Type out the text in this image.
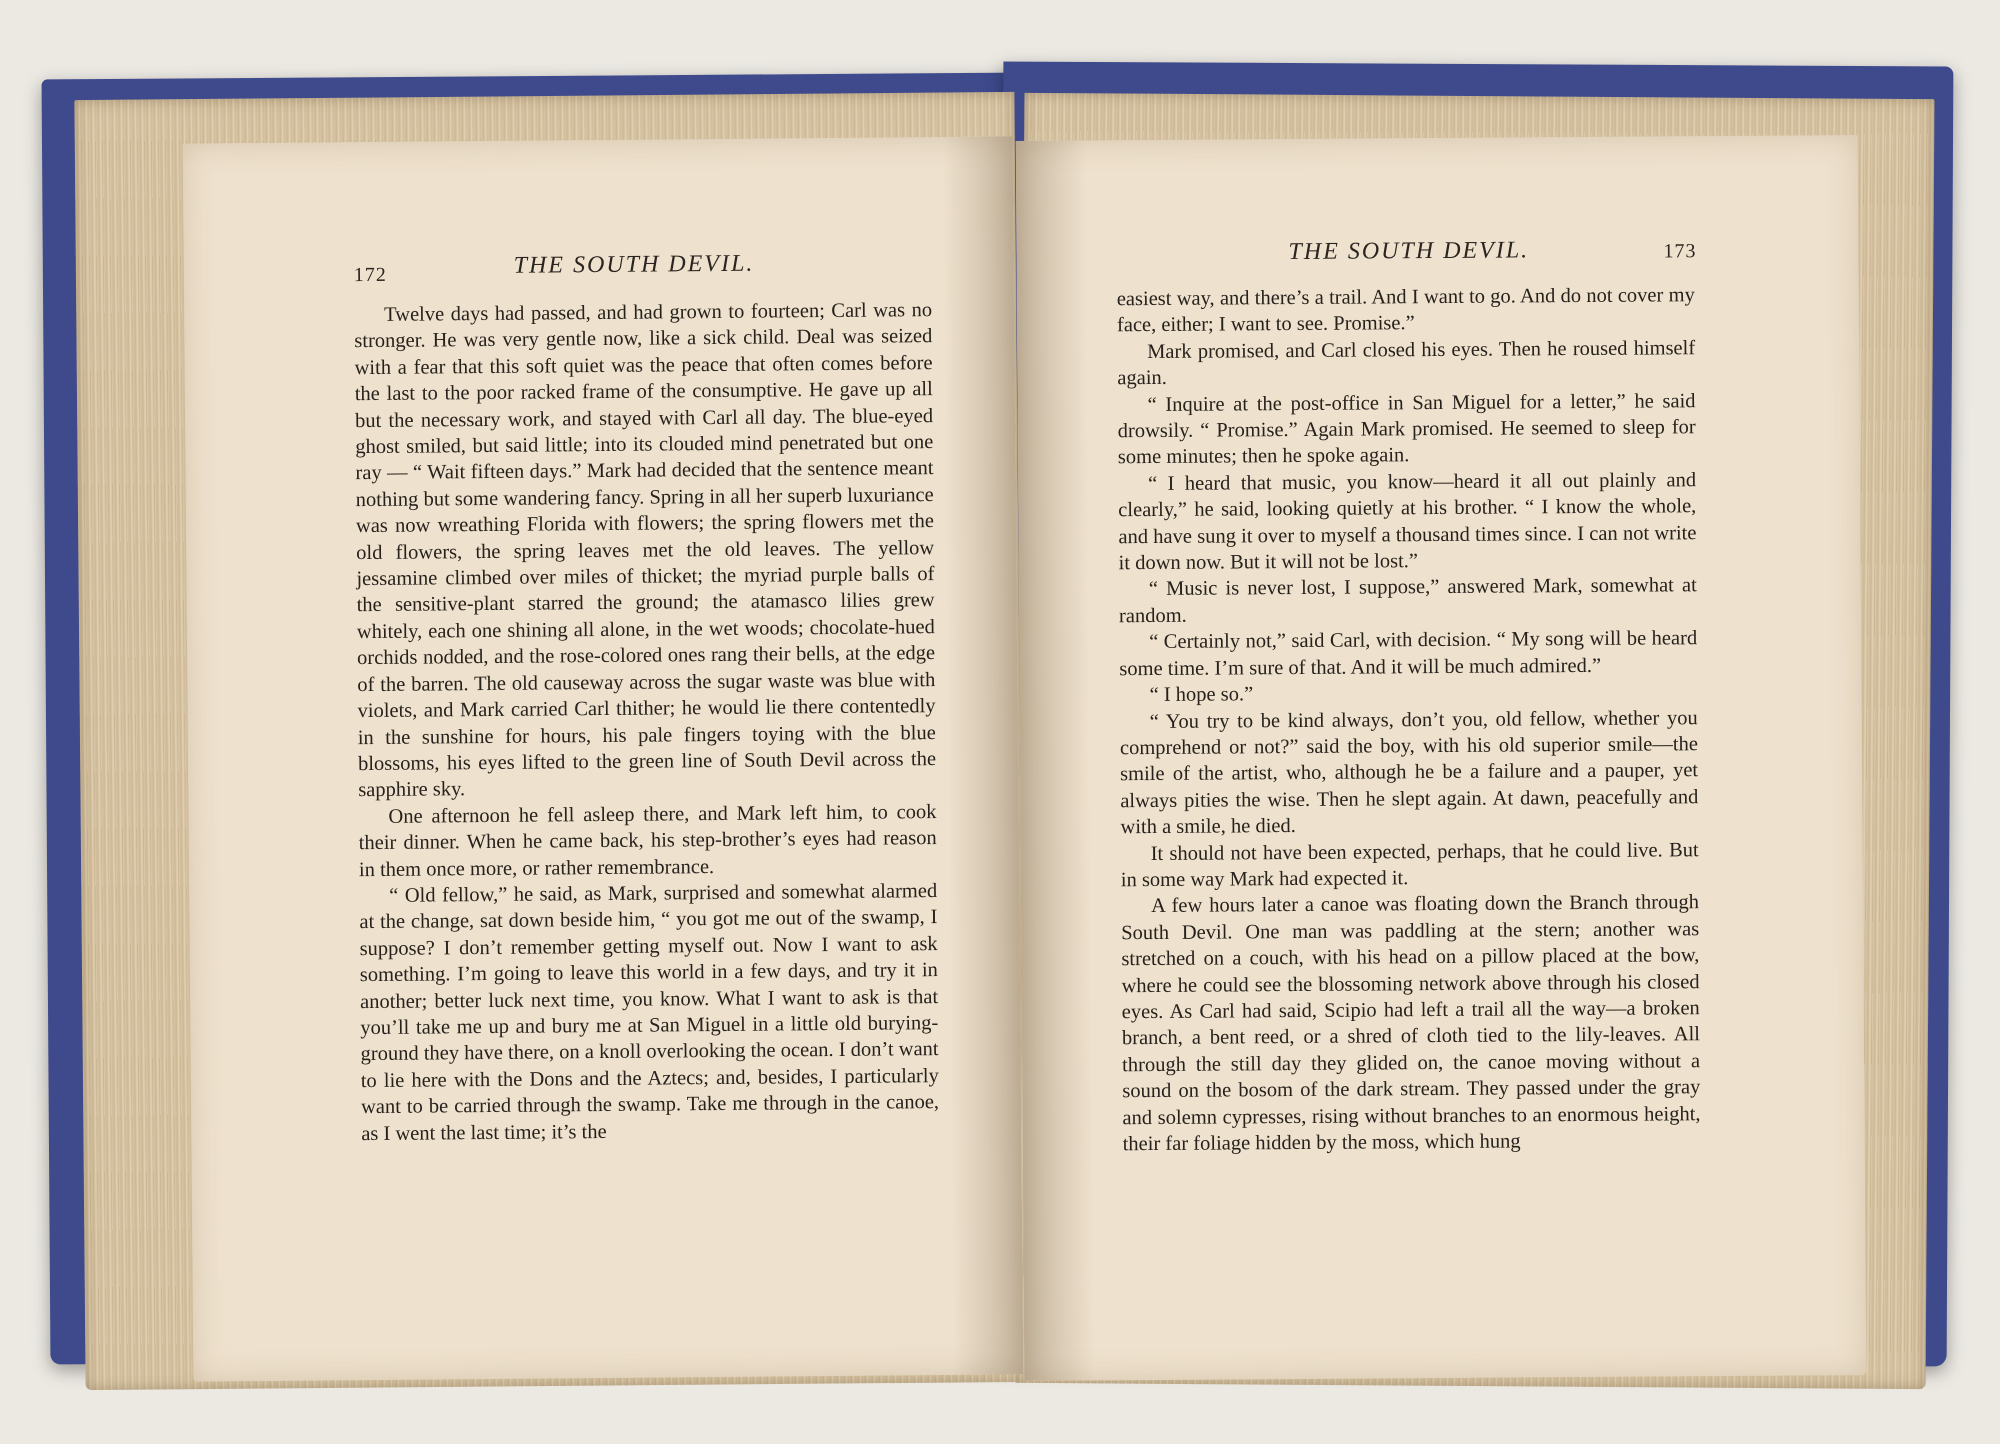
172	THE SOUTH DEVIL.

Twelve days had passed, and had grown to fourteen; Carl was no stronger. He was very gentle now, like a sick child. Deal was seized with a fear that this soft quiet was the peace that often comes before the last to the poor racked frame of the consumptive. He gave up all but the necessary work, and stayed with Carl all day. The blue-eyed ghost smiled, but said little; into its clouded mind penetrated but one ray — “ Wait fifteen days.” Mark had decided that the sentence meant nothing but some wandering fancy. Spring in all her superb luxuriance was now wreathing Florida with flowers; the spring flowers met the old flowers, the spring leaves met the old leaves. The yellow jessamine climbed over miles of thicket; the myriad purple balls of the sensitive-plant starred the ground; the atamasco lilies grew whitely, each one shining all alone, in the wet woods; chocolate-hued orchids nodded, and the rose-colored ones rang their bells, at the edge of the barren. The old causeway across the sugar waste was blue with violets, and Mark carried Carl thither; he would lie there contentedly in the sunshine for hours, his pale fingers toying with the blue blossoms, his eyes lifted to the green line of South Devil across the sapphire sky.

One afternoon he fell asleep there, and Mark left him, to cook their dinner. When he came back, his step-brother’s eyes had reason in them once more, or rather remembrance.

“ Old fellow,” he said, as Mark, surprised and somewhat alarmed at the change, sat down beside him, “ you got me out of the swamp, I suppose? I don’t remember getting myself out. Now I want to ask something. I’m going to leave this world in a few days, and try it in another; better luck next time, you know. What I want to ask is that you’ll take me up and bury me at San Miguel in a little old burying-ground they have there, on a knoll overlooking the ocean. I don’t want to lie here with the Dons and the Aztecs; and, besides, I particularly want to be carried through the swamp. Take me through in the canoe, as I went the last time; it’s the

THE SOUTH DEVIL.	173

easiest way, and there’s a trail. And I want to go. And do not cover my face, either; I want to see. Promise.”

Mark promised, and Carl closed his eyes. Then he roused himself again.

“ Inquire at the post-office in San Miguel for a letter,” he said drowsily. “ Promise.” Again Mark promised. He seemed to sleep for some minutes; then he spoke again.

“ I heard that music, you know—heard it all out plainly and clearly,” he said, looking quietly at his brother. “ I know the whole, and have sung it over to myself a thousand times since. I can not write it down now. But it will not be lost.”

“ Music is never lost, I suppose,” answered Mark, somewhat at random.

“ Certainly not,” said Carl, with decision. “ My song will be heard some time. I’m sure of that. And it will be much admired.”

“ I hope so.”

“ You try to be kind always, don’t you, old fellow, whether you comprehend or not?” said the boy, with his old superior smile—the smile of the artist, who, although he be a failure and a pauper, yet always pities the wise. Then he slept again. At dawn, peacefully and with a smile, he died.

It should not have been expected, perhaps, that he could live. But in some way Mark had expected it.

A few hours later a canoe was floating down the Branch through South Devil. One man was paddling at the stern; another was stretched on a couch, with his head on a pillow placed at the bow, where he could see the blossoming network above through his closed eyes. As Carl had said, Scipio had left a trail all the way—a broken branch, a bent reed, or a shred of cloth tied to the lily-leaves. All through the still day they glided on, the canoe moving without a sound on the bosom of the dark stream. They passed under the gray and solemn cypresses, rising without branches to an enormous height, their far foliage hidden by the moss, which hung
